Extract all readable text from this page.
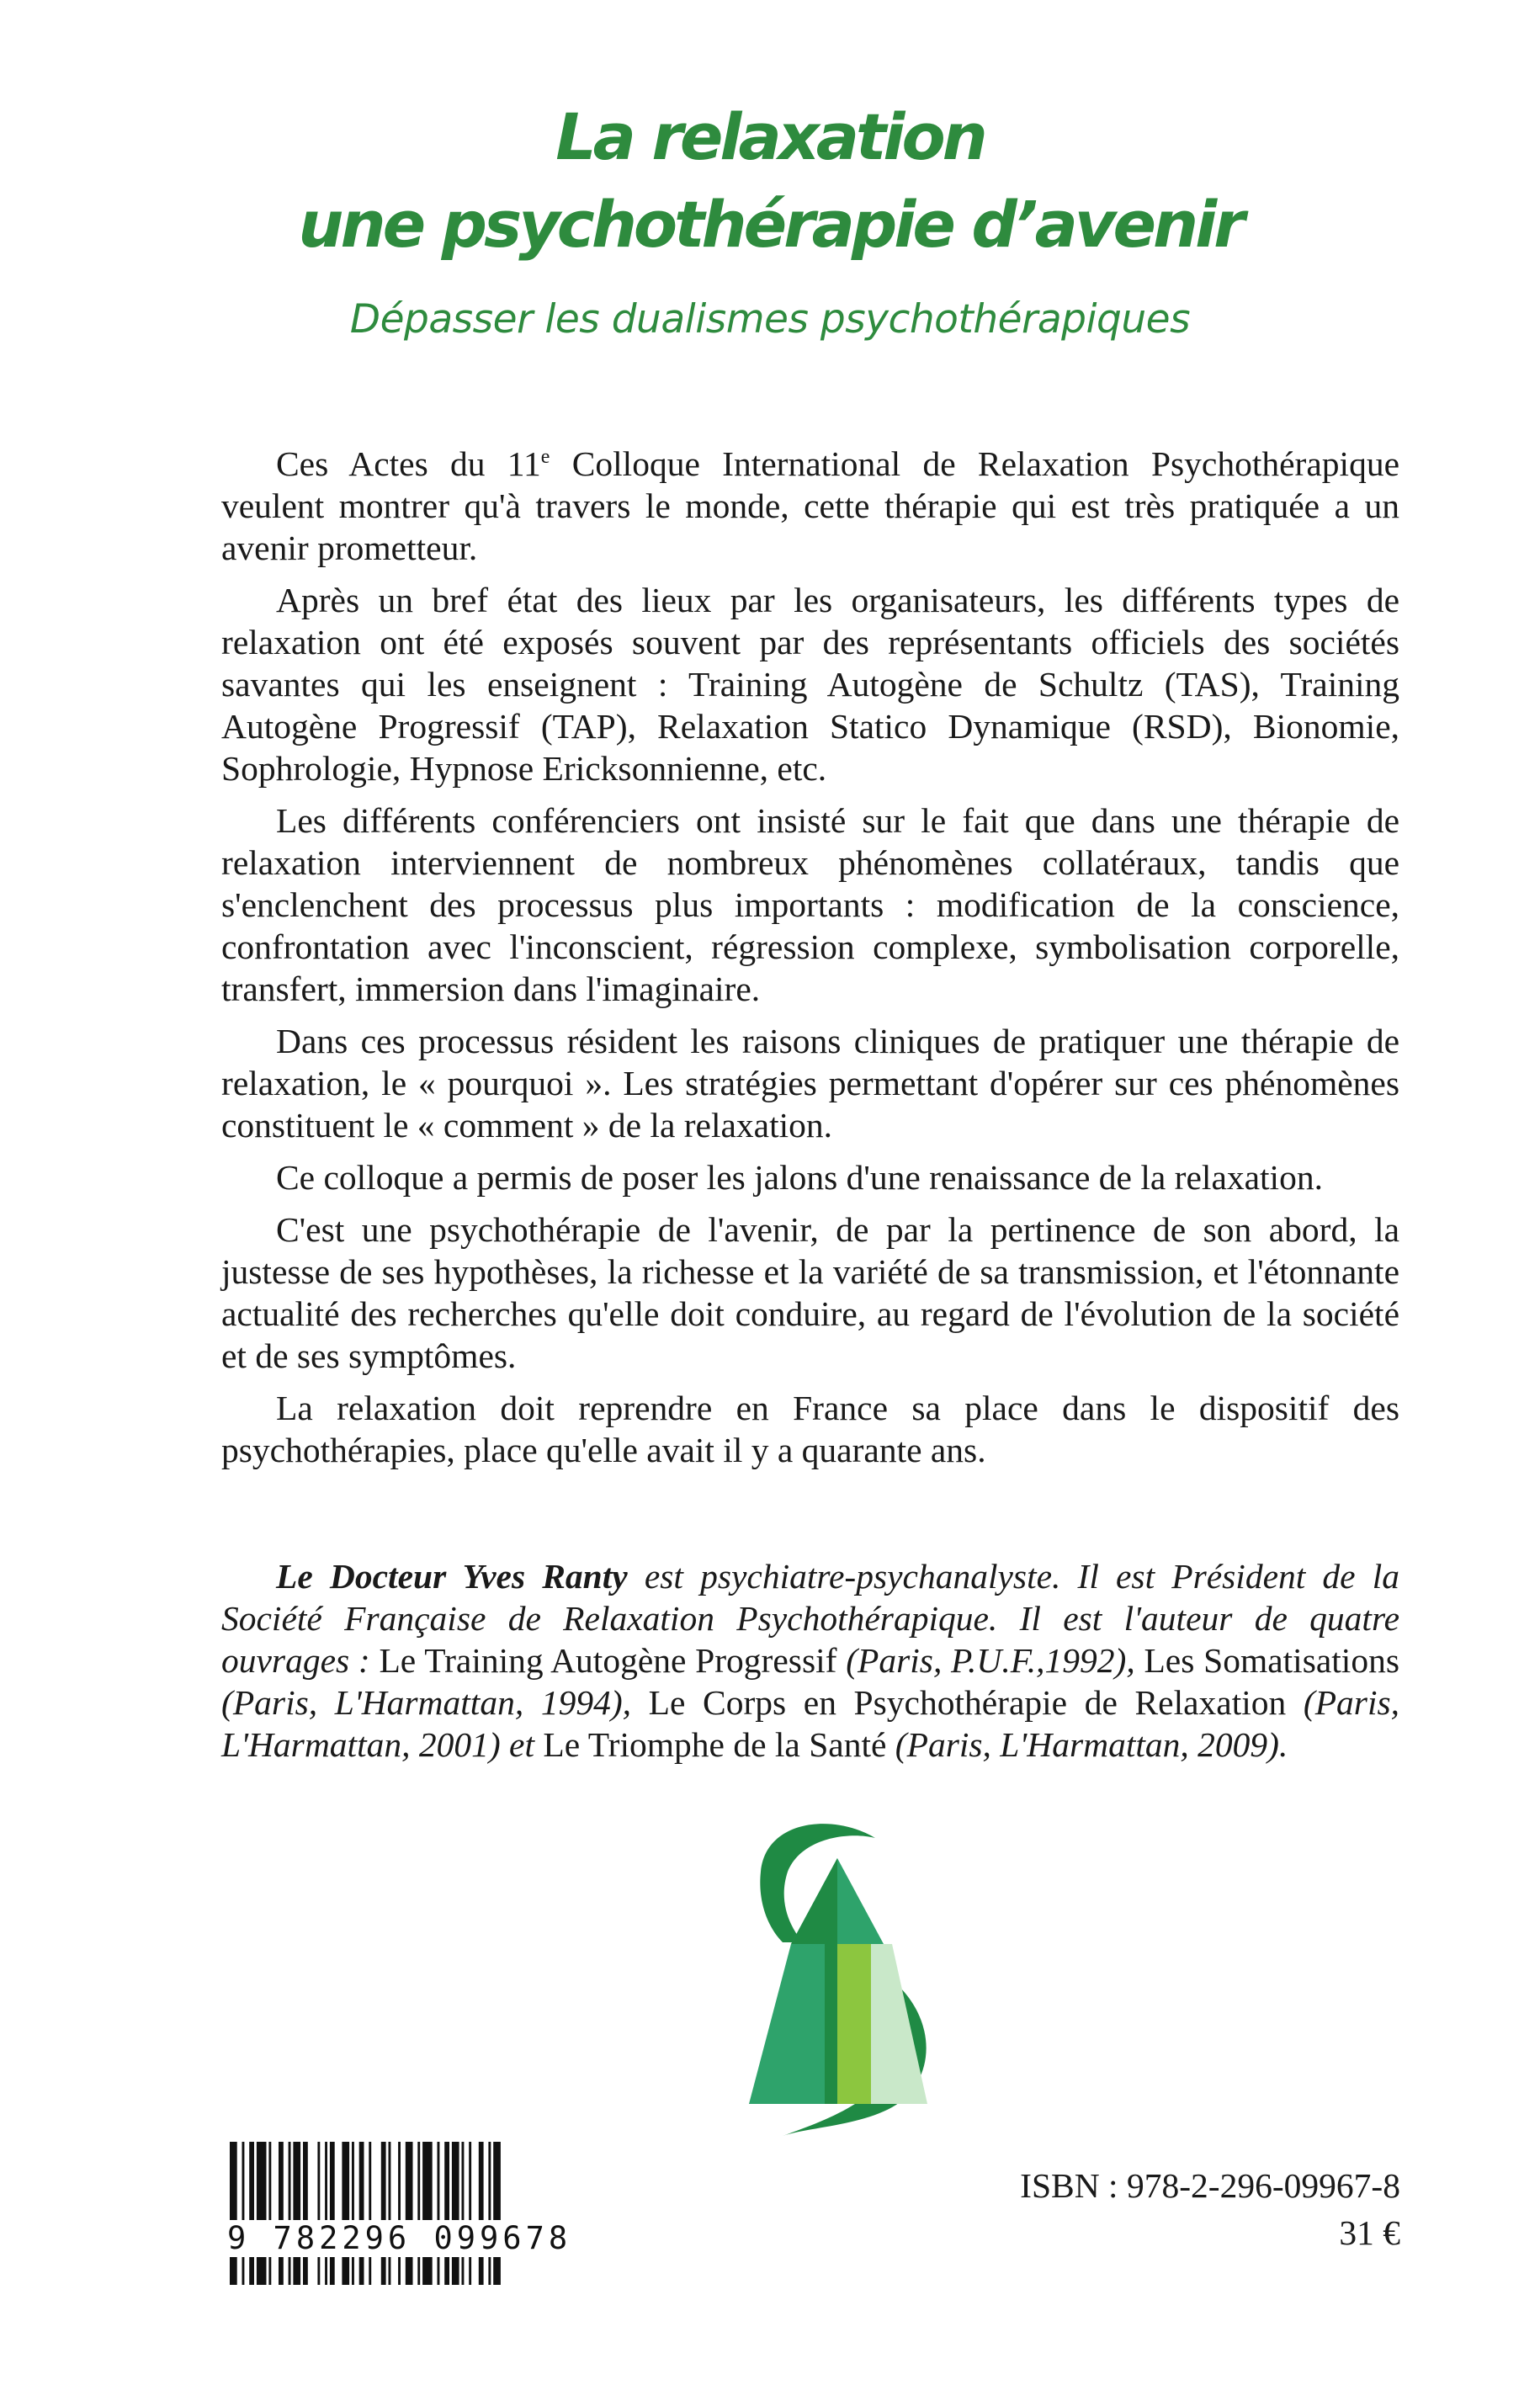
La relaxation
une psychothérapie d’avenir
Dépasser les dualismes psychothérapiques

Ces Actes du 11e Colloque International de Relaxation Psychothérapique veulent montrer qu'à travers le monde, cette thérapie qui est très pratiquée a un avenir prometteur.

Après un bref état des lieux par les organisateurs, les différents types de relaxation ont été exposés souvent par des représentants officiels des sociétés savantes qui les enseignent : Training Autogène de Schultz (TAS), Training Autogène Progressif (TAP), Relaxation Statico Dynamique (RSD), Bionomie, Sophrologie, Hypnose Ericksonnienne, etc.

Les différents conférenciers ont insisté sur le fait que dans une thérapie de relaxation interviennent de nombreux phénomènes collatéraux, tandis que s'enclenchent des processus plus importants : modification de la conscience, confrontation avec l'inconscient, régression complexe, symbolisation corporelle, transfert, immersion dans l'imaginaire.

Dans ces processus résident les raisons cliniques de pratiquer une thérapie de relaxation, le « pourquoi ». Les stratégies permettant d'opérer sur ces phénomènes constituent le « comment » de la relaxation.

Ce colloque a permis de poser les jalons d'une renaissance de la relaxation.

C'est une psychothérapie de l'avenir, de par la pertinence de son abord, la justesse de ses hypothèses, la richesse et la variété de sa transmission, et l'étonnante actualité des recherches qu'elle doit conduire, au regard de l'évolution de la société et de ses symptômes.

La relaxation doit reprendre en France sa place dans le dispositif des psychothérapies, place qu'elle avait il y a quarante ans.

Le Docteur Yves Ranty est psychiatre-psychanalyste. Il est Président de la Société Française de Relaxation Psychothérapique. Il est l'auteur de quatre ouvrages : Le Training Autogène Progressif (Paris, P.U.F.,1992), Les Somatisations (Paris, L'Harmattan, 1994), Le Corps en Psychothérapie de Relaxation (Paris, L'Harmattan, 2001) et Le Triomphe de la Santé (Paris, L'Harmattan, 2009).

9 782296 099678
ISBN : 978-2-296-09967-8
31 €
